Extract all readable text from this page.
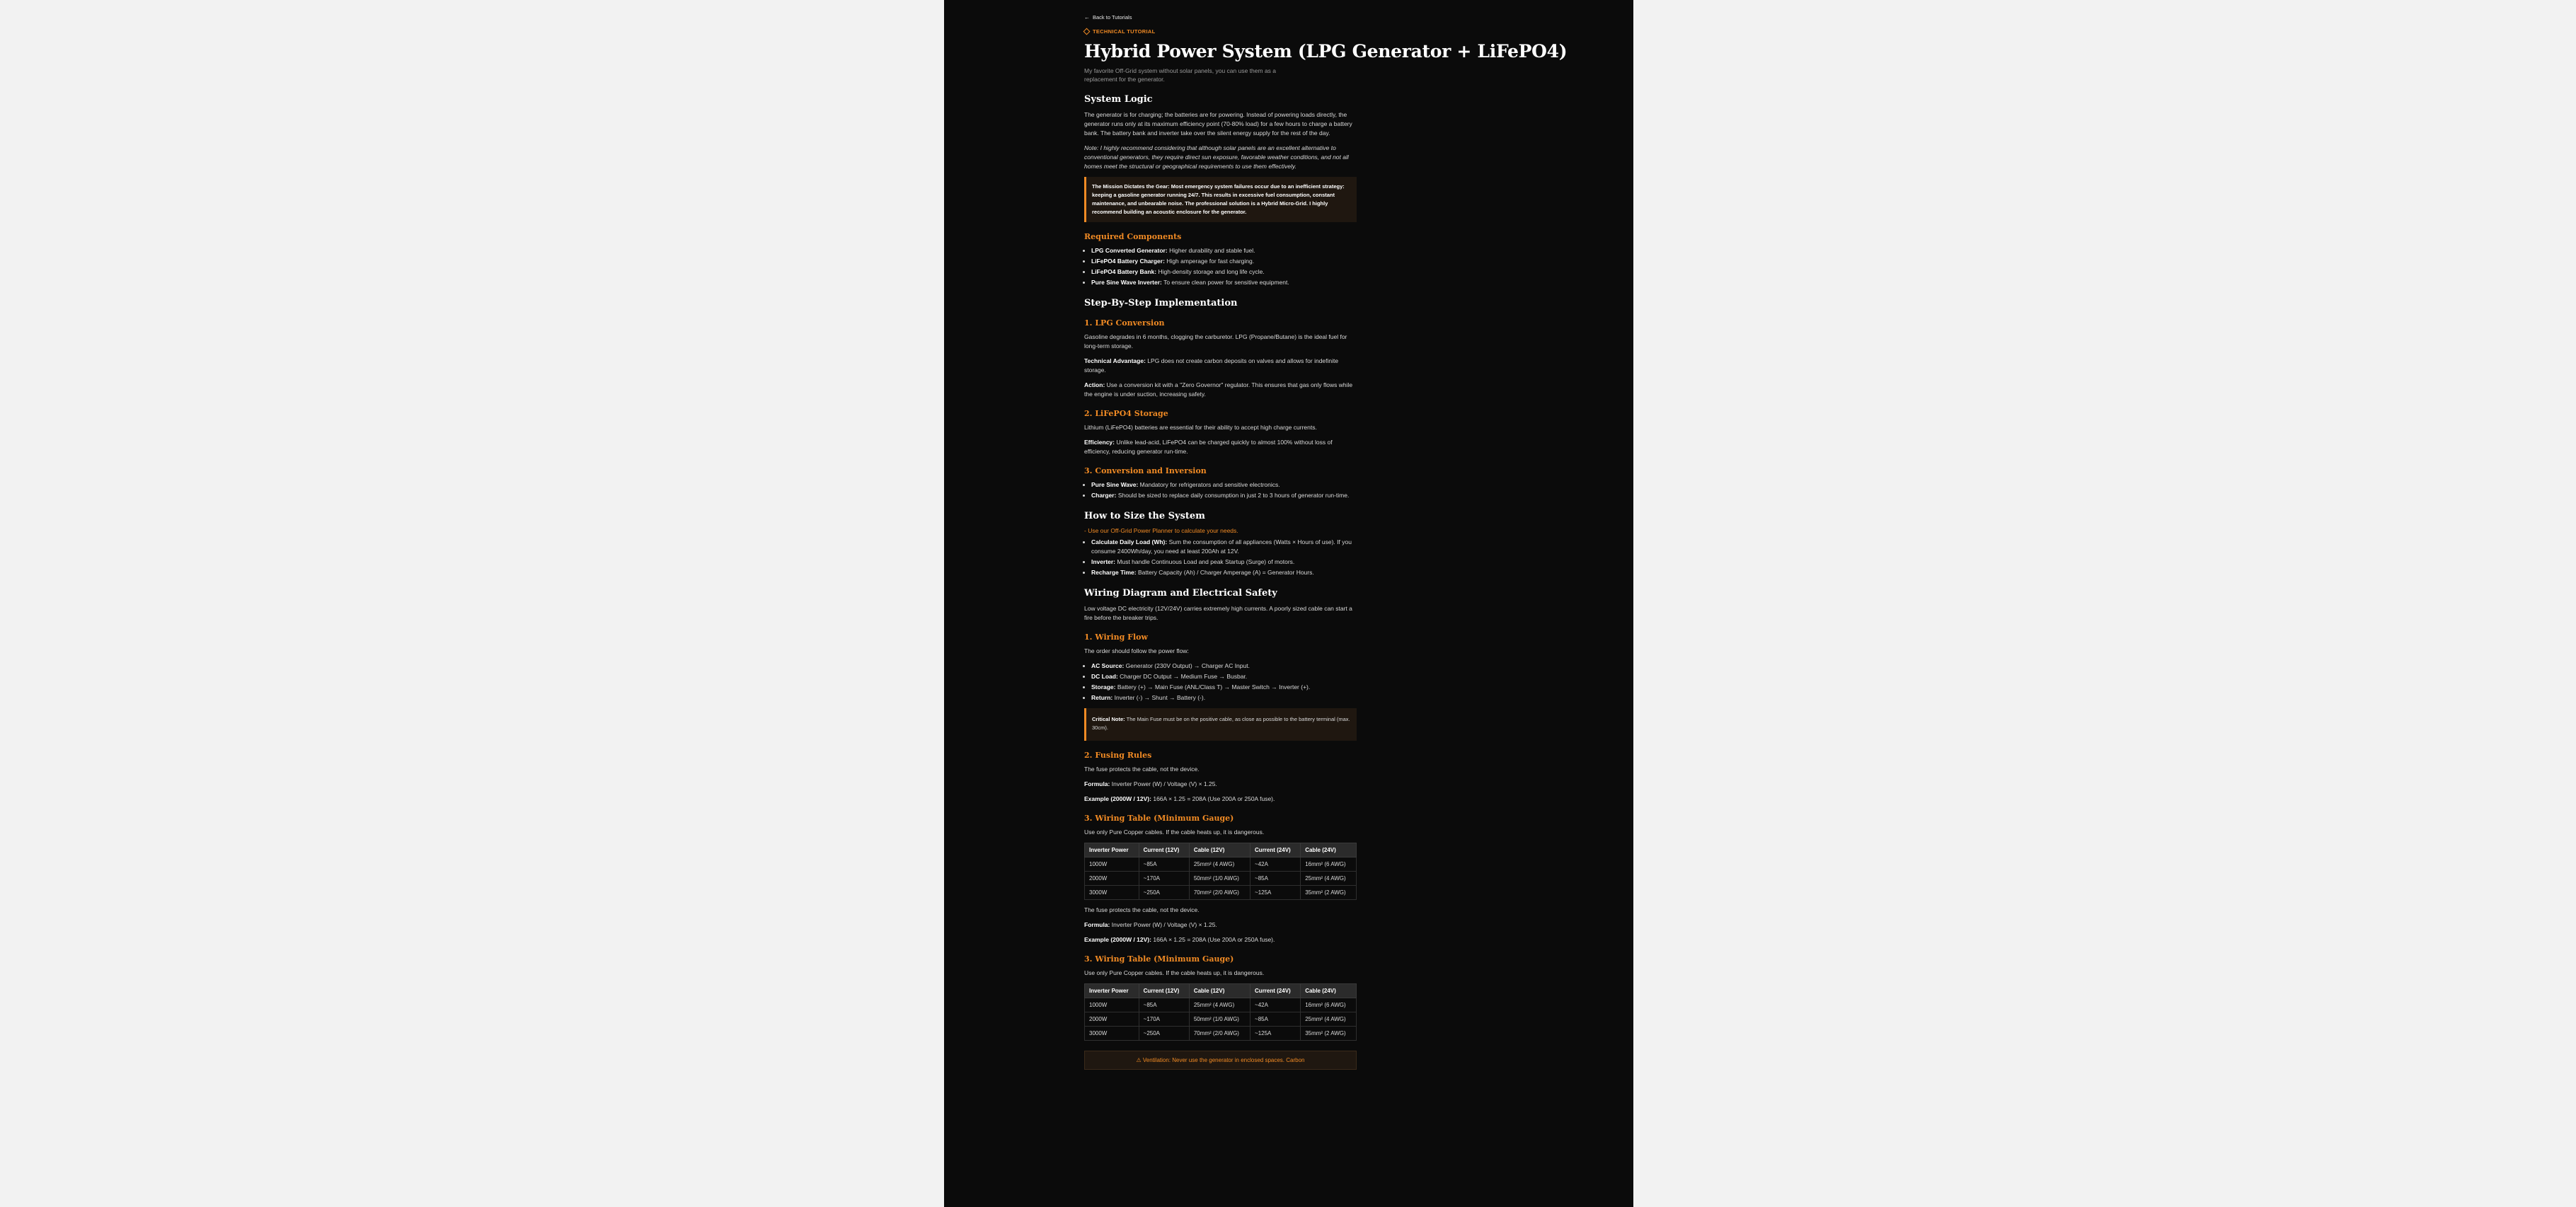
← Back to Tutorials
TECHNICAL TUTORIAL
Hybrid Power System (LPG Generator + LiFePO4)
My favorite Off-Grid system without solar panels, you can use them as a replacement for the generator.
System Logic

The generator is for charging; the batteries are for powering. Instead of powering loads directly, the generator runs only at its maximum efficiency point (70-80% load) for a few hours to charge a battery bank. The battery bank and inverter take over the silent energy supply for the rest of the day.

Note: I highly recommend considering that although solar panels are an excellent alternative to conventional generators, they require direct sun exposure, favorable weather conditions, and not all homes meet the structural or geographical requirements to use them effectively.

The Mission Dictates the Gear: Most emergency system failures occur due to an inefficient strategy: keeping a gasoline generator running 24/7. This results in excessive fuel consumption, constant maintenance, and unbearable noise. The professional solution is a Hybrid Micro-Grid. I highly recommend building an acoustic enclosure for the generator.

Required Components
• LPG Converted Generator: Higher durability and stable fuel.
• LiFePO4 Battery Charger: High amperage for fast charging.
• LiFePO4 Battery Bank: High-density storage and long life cycle.
• Pure Sine Wave Inverter: To ensure clean power for sensitive equipment.
Step-By-Step Implementation
1. LPG Conversion

Gasoline degrades in 6 months, clogging the carburetor. LPG (Propane/Butane) is the ideal fuel for long-term storage.

Technical Advantage: LPG does not create carbon deposits on valves and allows for indefinite storage.

Action: Use a conversion kit with a "Zero Governor" regulator. This ensures that gas only flows while the engine is under suction, increasing safety.

2. LiFePO4 Storage

Lithium (LiFePO4) batteries are essential for their ability to accept high charge currents.

Efficiency: Unlike lead-acid, LiFePO4 can be charged quickly to almost 100% without loss of efficiency, reducing generator run-time.

3. Conversion and Inversion
• Pure Sine Wave: Mandatory for refrigerators and sensitive electronics.
• Charger: Should be sized to replace daily consumption in just 2 to 3 hours of generator run-time.
How to Size the System
- Use our Off-Grid Power Planner to calculate your needs.
• Calculate Daily Load (Wh): Sum the consumption of all appliances (Watts × Hours of use). If you consume 2400Wh/day, you need at least 200Ah at 12V.
• Inverter: Must handle Continuous Load and peak Startup (Surge) of motors.
• Recharge Time: Battery Capacity (Ah) / Charger Amperage (A) = Generator Hours.
Wiring Diagram and Electrical Safety

Low voltage DC electricity (12V/24V) carries extremely high currents. A poorly sized cable can start a fire before the breaker trips.

1. Wiring Flow

The order should follow the power flow:

• AC Source: Generator (230V Output) → Charger AC Input.
• DC Load: Charger DC Output → Medium Fuse → Busbar.
• Storage: Battery (+) → Main Fuse (ANL/Class T) → Master Switch → Inverter (+).
• Return: Inverter (-) → Shunt → Battery (-).

Critical Note: The Main Fuse must be on the positive cable, as close as possible to the battery terminal (max. 30cm).

2. Fusing Rules

The fuse protects the cable, not the device.

Formula: Inverter Power (W) / Voltage (V) × 1.25.

Example (2000W / 12V): 166A × 1.25 = 208A (Use 200A or 250A fuse).

3. Wiring Table (Minimum Gauge)

Use only Pure Copper cables. If the cable heats up, it is dangerous.

Inverter Power	Current (12V)	Cable (12V)	Current (24V)	Cable (24V)
1000W	~85A	25mm² (4 AWG)	~42A	16mm² (6 AWG)
2000W	~170A	50mm² (1/0 AWG)	~85A	25mm² (4 AWG)
3000W	~250A	70mm² (2/0 AWG)	~125A	35mm² (2 AWG)

The fuse protects the cable, not the device.

Formula: Inverter Power (W) / Voltage (V) × 1.25.

Example (2000W / 12V): 166A × 1.25 = 208A (Use 200A or 250A fuse).

3. Wiring Table (Minimum Gauge)

Use only Pure Copper cables. If the cable heats up, it is dangerous.

Inverter Power	Current (12V)	Cable (12V)	Current (24V)	Cable (24V)
1000W	~85A	25mm² (4 AWG)	~42A	16mm² (6 AWG)
2000W	~170A	50mm² (1/0 AWG)	~85A	25mm² (4 AWG)
3000W	~250A	70mm² (2/0 AWG)	~125A	35mm² (2 AWG)
⚠ Ventilation: Never use the generator in enclosed spaces. Carbon
